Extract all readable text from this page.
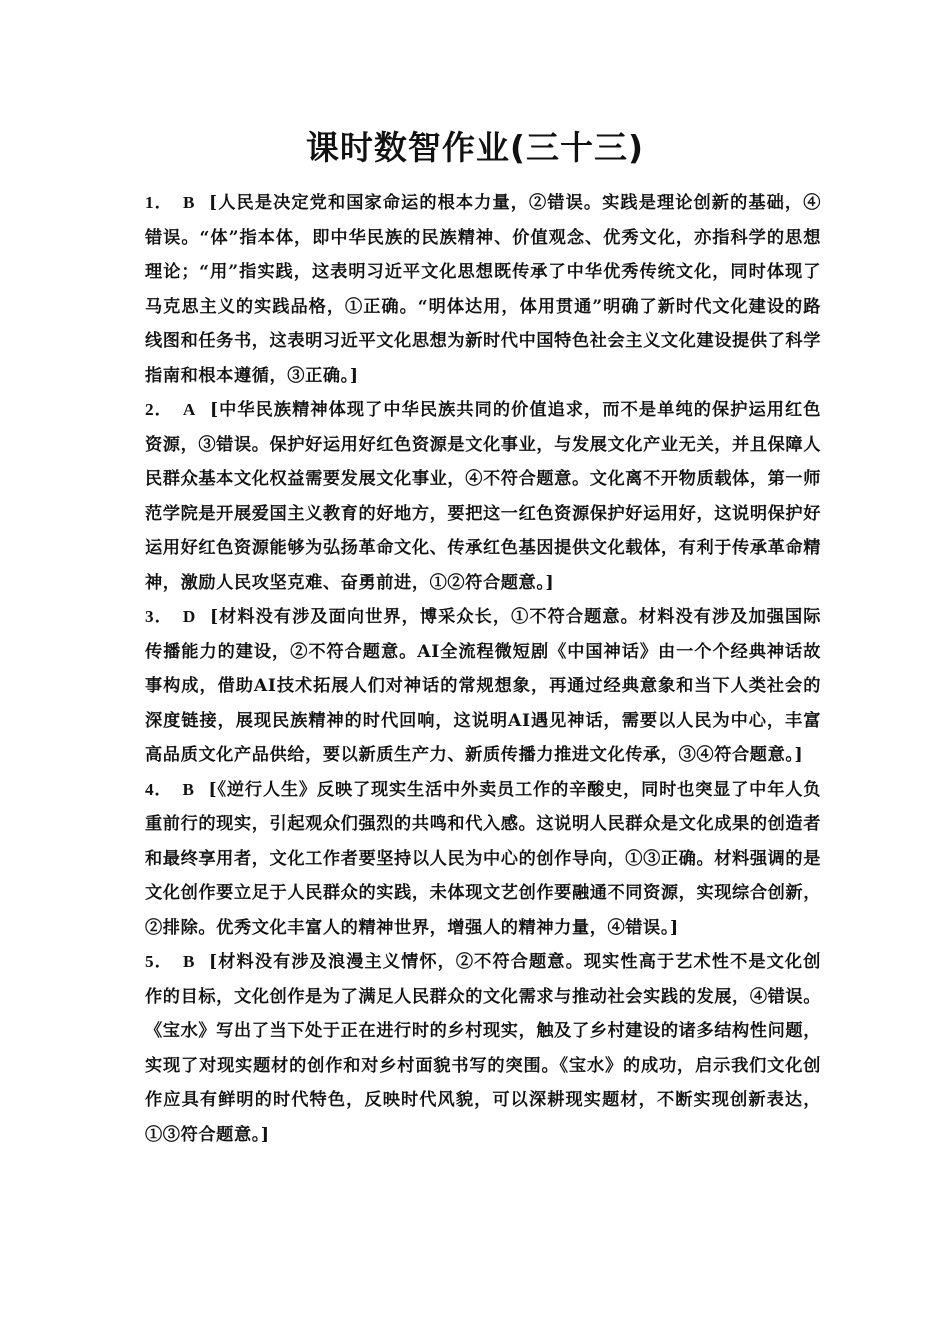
课时数智作业(三十三)

1． B [人民是决定党和国家命运的根本力量，②错误。实践是理论创新的基础，④错误。“体”指本体，即中华民族的民族精神、价值观念、优秀文化，亦指科学的思想理论；“用”指实践，这表明习近平文化思想既传承了中华优秀传统文化，同时体现了马克思主义的实践品格，①正确。“明体达用，体用贯通”明确了新时代文化建设的路线图和任务书，这表明习近平文化思想为新时代中国特色社会主义文化建设提供了科学指南和根本遵循，③正确。]

2． A [中华民族精神体现了中华民族共同的价值追求，而不是单纯的保护运用红色资源，③错误。保护好运用好红色资源是文化事业，与发展文化产业无关，并且保障人民群众基本文化权益需要发展文化事业，④不符合题意。文化离不开物质载体，第一师范学院是开展爱国主义教育的好地方，要把这一红色资源保护好运用好，这说明保护好运用好红色资源能够为弘扬革命文化、传承红色基因提供文化载体，有利于传承革命精神，激励人民攻坚克难、奋勇前进，①②符合题意。]

3． D [材料没有涉及面向世界，博采众长，①不符合题意。材料没有涉及加强国际传播能力的建设，②不符合题意。AI全流程微短剧《中国神话》由一个个经典神话故事构成，借助AI技术拓展人们对神话的常规想象，再通过经典意象和当下人类社会的深度链接，展现民族精神的时代回响，这说明AI遇见神话，需要以人民为中心，丰富高品质文化产品供给，要以新质生产力、新质传播力推进文化传承，③④符合题意。]

4． B [《逆行人生》反映了现实生活中外卖员工作的辛酸史，同时也突显了中年人负重前行的现实，引起观众们强烈的共鸣和代入感。这说明人民群众是文化成果的创造者和最终享用者，文化工作者要坚持以人民为中心的创作导向，①③正确。材料强调的是文化创作要立足于人民群众的实践，未体现文艺创作要融通不同资源，实现综合创新，②排除。优秀文化丰富人的精神世界，增强人的精神力量，④错误。]

5． B [材料没有涉及浪漫主义情怀，②不符合题意。现实性高于艺术性不是文化创作的目标，文化创作是为了满足人民群众的文化需求与推动社会实践的发展，④错误。《宝水》写出了当下处于正在进行时的乡村现实，触及了乡村建设的诸多结构性问题，实现了对现实题材的创作和对乡村面貌书写的突围。《宝水》的成功，启示我们文化创作应具有鲜明的时代特色，反映时代风貌，可以深耕现实题材，不断实现创新表达，①③符合题意。]
